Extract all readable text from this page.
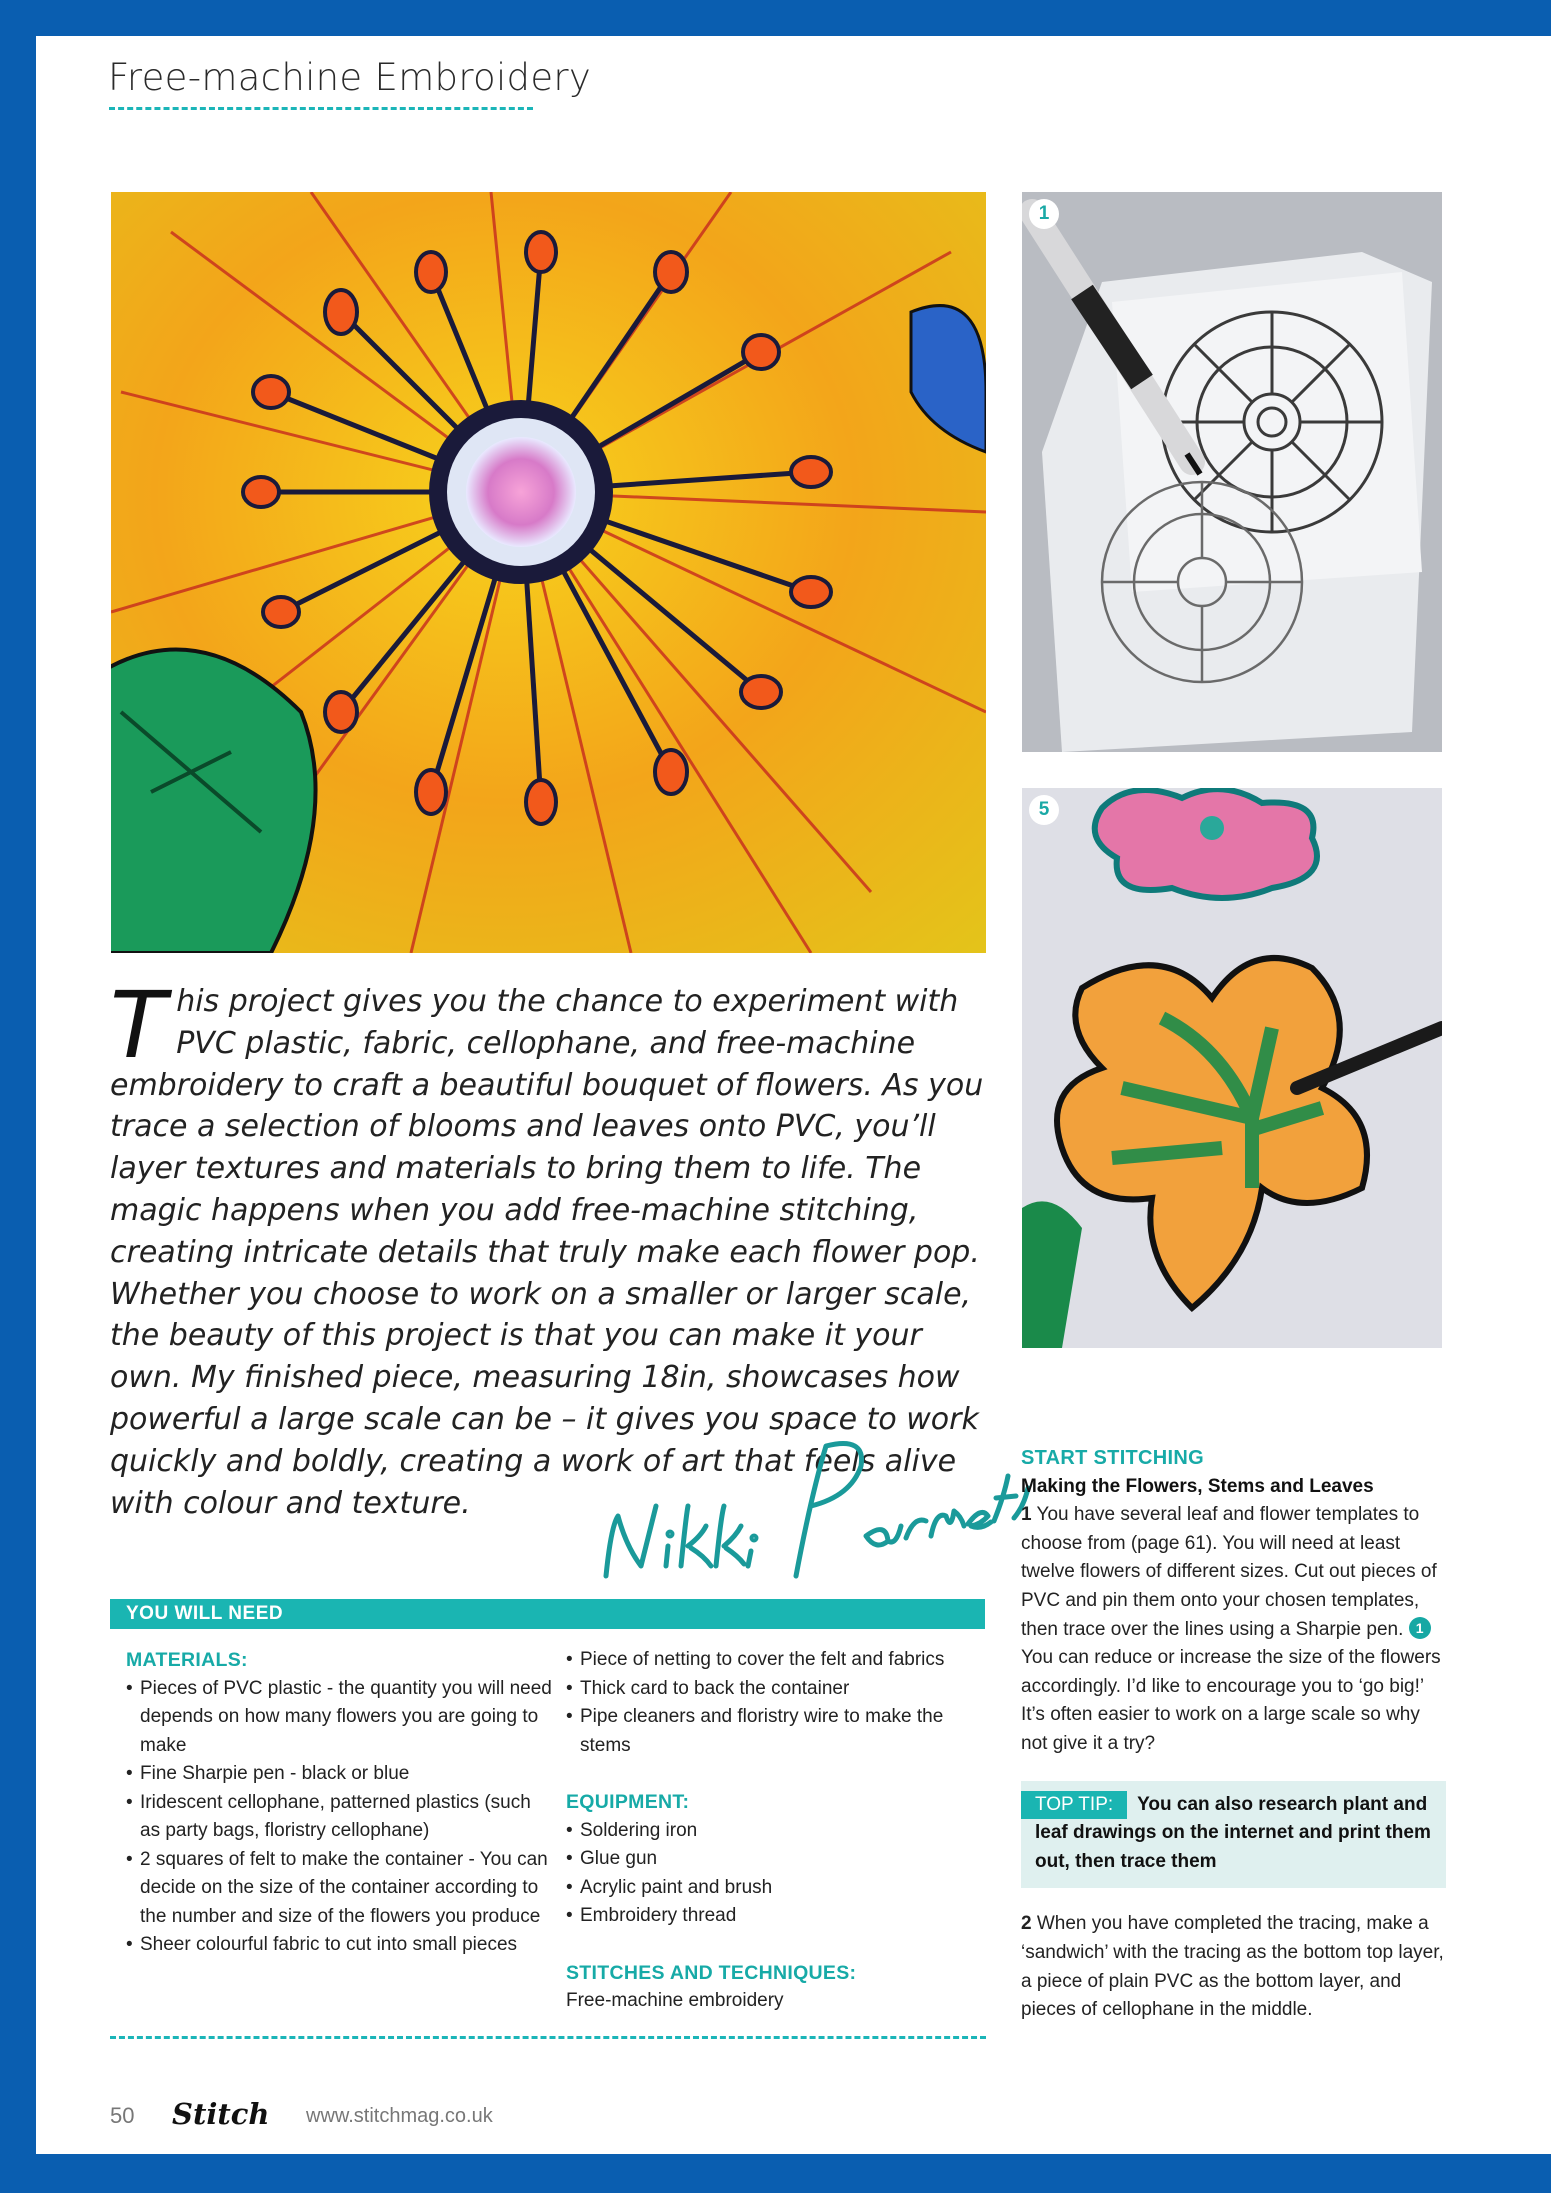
Free-machine Embroidery
1
5
This project gives you the chance to experiment with PVC plastic, fabric, cellophane, and free-machine embroidery to craft a beautiful bouquet of flowers. As you trace a selection of blooms and leaves onto PVC, you’ll layer textures and materials to bring them to life. The magic happens when you add free-machine stitching, creating intricate details that truly make each flower pop. Whether you choose to work on a smaller or larger scale, the beauty of this project is that you can make it your own. My finished piece, measuring 18in, showcases how powerful a large scale can be – it gives you space to work quickly and boldly, creating a work of art that feels alive with colour and texture.
YOU WILL NEED
MATERIALS:
• Pieces of PVC plastic - the quantity you will need depends on how many flowers you are going to make
• Fine Sharpie pen - black or blue
• Iridescent cellophane, patterned plastics (such as party bags, floristry cellophane)
• 2 squares of felt to make the container - You can decide on the size of the container according to the number and size of the flowers you produce
• Sheer colourful fabric to cut into small pieces
• Piece of netting to cover the felt and fabrics
• Thick card to back the container
• Pipe cleaners and floristry wire to make the stems
EQUIPMENT:
• Soldering iron
• Glue gun
• Acrylic paint and brush
• Embroidery thread
STITCHES AND TECHNIQUES:

Free-machine embroidery

START STITCHING
Making the Flowers, Stems and Leaves

1 You have several leaf and flower templates to choose from (page 61). You will need at least twelve flowers of different sizes. Cut out pieces of PVC and pin them onto your chosen templates, then trace over the lines using a Sharpie pen. 1 You can reduce or increase the size of the flowers accordingly. I’d like to encourage you to ‘go big!’ It’s often easier to work on a large scale so why not give it a try?

TOP TIP: You can also research plant and leaf drawings on the internet and print them out, then trace them

2 When you have completed the tracing, make a ‘sandwich’ with the tracing as the bottom top layer, a piece of plain PVC as the bottom layer, and pieces of cellophane in the middle.

50 Stitch www.stitchmag.co.uk
